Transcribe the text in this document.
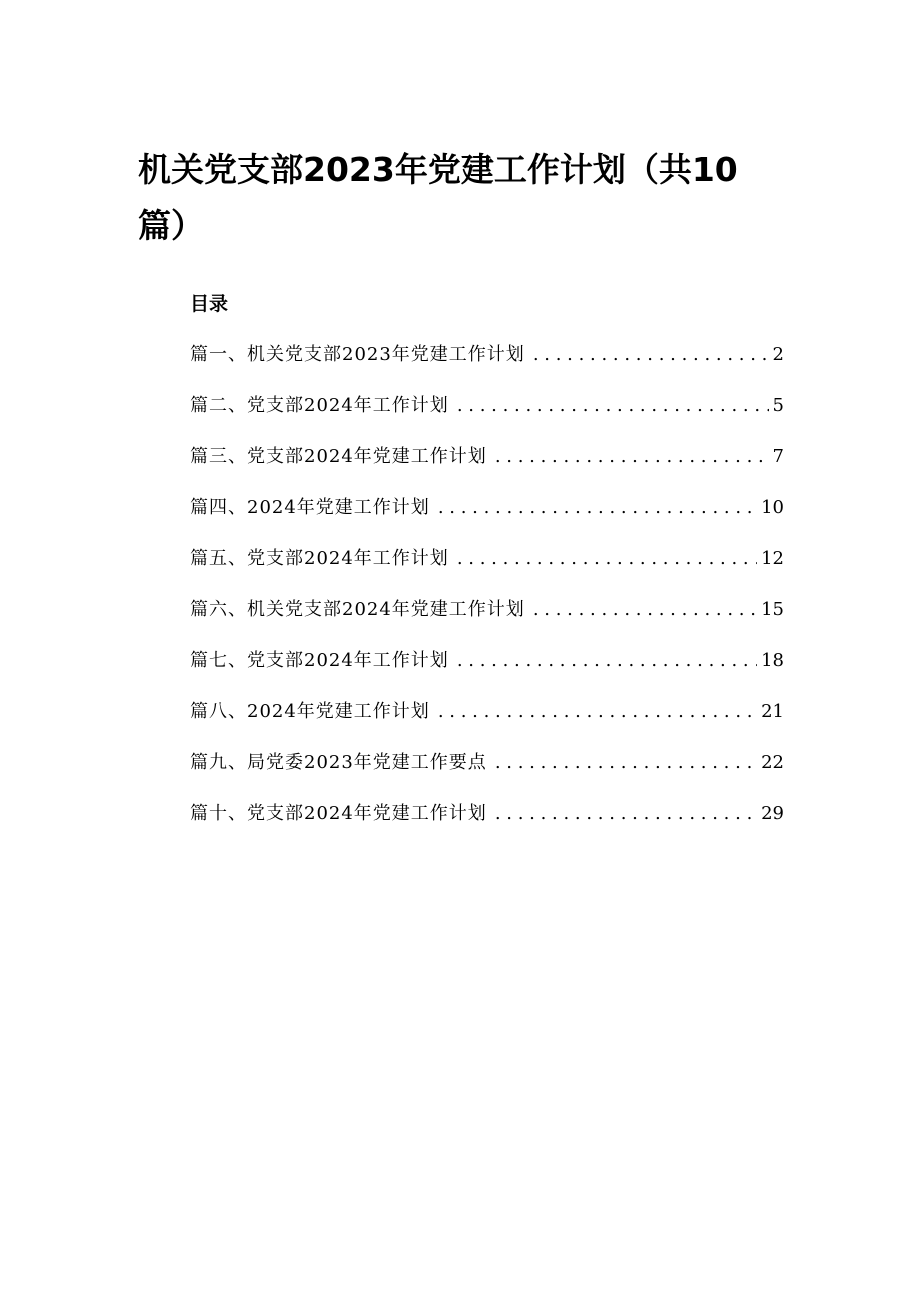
机关党支部2023年党建工作计划（共10
篇）
目录
篇一、机关党支部2023年党建工作计划 . . .	2
篇二、党支部2024年工作计划 . . .	5
篇三、党支部2024年党建工作计划 . . .	7
篇四、2024年党建工作计划 . . .	10
篇五、党支部2024年工作计划 . . .	12
篇六、机关党支部2024年党建工作计划 . . .	15
篇七、党支部2024年工作计划 . . .	18
篇八、2024年党建工作计划 . . .	21
篇九、局党委2023年党建工作要点 . . .	22
篇十、党支部2024年党建工作计划 . . .	29
